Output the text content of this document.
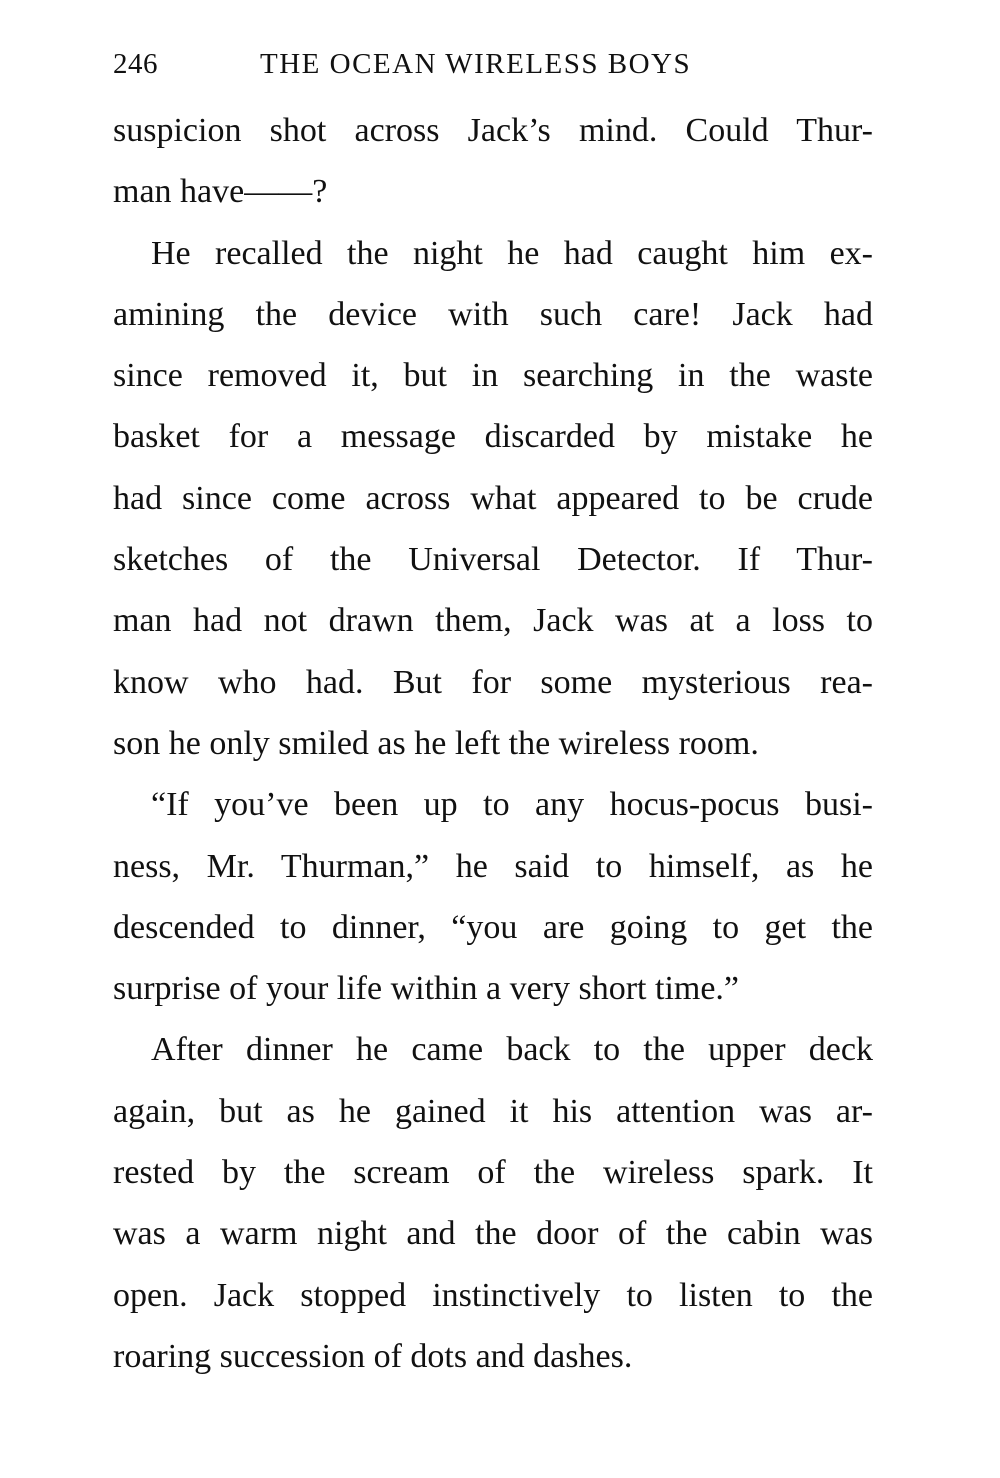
246	THE OCEAN WIRELESS BOYS
suspicion shot across Jack’s mind. Could Thur-
man have——?
He recalled the night he had caught him ex-
amining the device with such care! Jack had
since removed it, but in searching in the waste
basket for a message discarded by mistake he
had since come across what appeared to be crude
sketches of the Universal Detector. If Thur-
man had not drawn them, Jack was at a loss to
know who had. But for some mysterious rea-
son he only smiled as he left the wireless room.
“If you’ve been up to any hocus-pocus busi-
ness, Mr. Thurman,” he said to himself, as he
descended to dinner, “you are going to get the
surprise of your life within a very short time.”
After dinner he came back to the upper deck
again, but as he gained it his attention was ar-
rested by the scream of the wireless spark. It
was a warm night and the door of the cabin was
open. Jack stopped instinctively to listen to the
roaring succession of dots and dashes.
